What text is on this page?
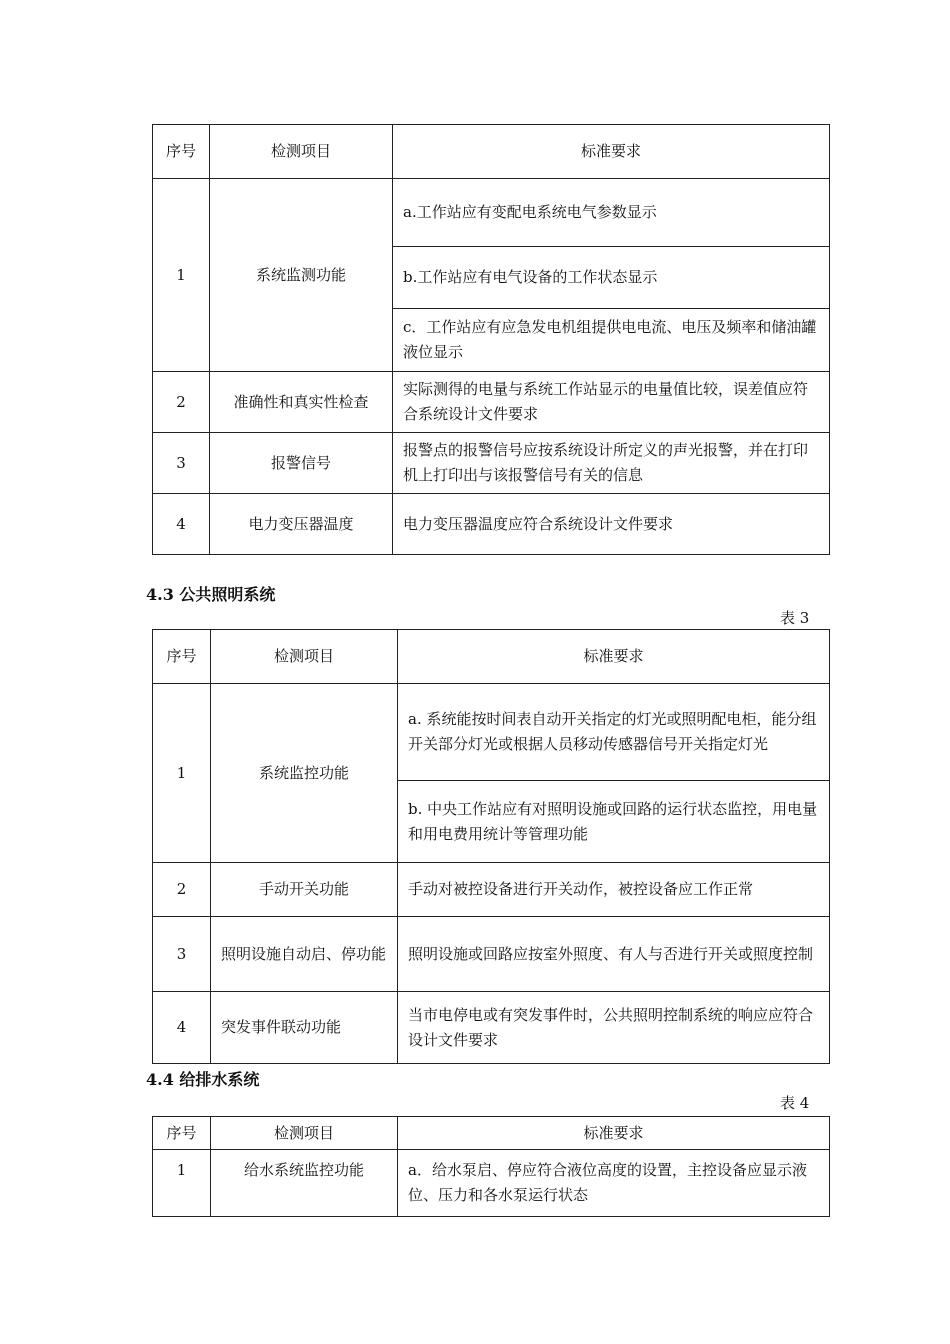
序号	检测项目	标准要求
1	系统监测功能	a.工作站应有变配电系统电气参数显示
		b.工作站应有电气设备的工作状态显示
		c．工作站应有应急发电机组提供电电流、电压及频率和储油罐液位显示
2	准确性和真实性检查	实际测得的电量与系统工作站显示的电量值比较，误差值应符合系统设计文件要求
3	报警信号	报警点的报警信号应按系统设计所定义的声光报警，并在打印机上打印出与该报警信号有关的信息
4	电力变压器温度	电力变压器温度应符合系统设计文件要求
4.3 公共照明系统
表 3
序号	检测项目	标准要求
1	系统监控功能	a. 系统能按时间表自动开关指定的灯光或照明配电柜，能分组开关部分灯光或根据人员移动传感器信号开关指定灯光
		b. 中央工作站应有对照明设施或回路的运行状态监控，用电量和用电费用统计等管理功能
2	手动开关功能	手动对被控设备进行开关动作，被控设备应工作正常
3	照明设施自动启、停功能	照明设施或回路应按室外照度、有人与否进行开关或照度控制
4	突发事件联动功能	当市电停电或有突发事件时，公共照明控制系统的响应应符合设计文件要求
4.4 给排水系统
表 4
序号	检测项目	标准要求
1	给水系统监控功能	a．给水泵启、停应符合液位高度的设置，主控设备应显示液位、压力和各水泵运行状态
